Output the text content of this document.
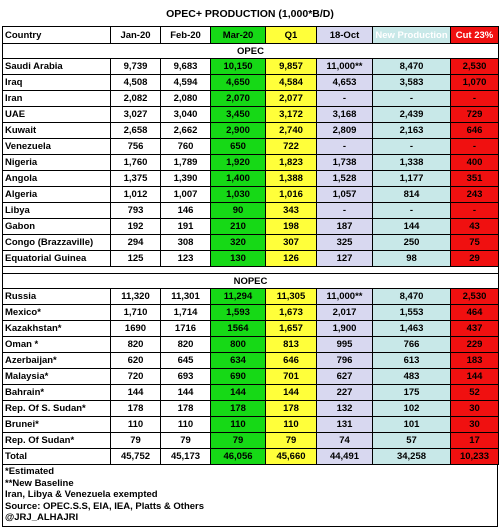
OPEC+ PRODUCTION (1,000*B/D)
Country	Jan-20	Feb-20	Mar-20	Q1	18-Oct	New Production	Cut 23%
OPEC							
Saudi Arabia	9,739	9,683	10,150	9,857	11,000**	8,470	2,530
Iraq	4,508	4,594	4,650	4,584	4,653	3,583	1,070
Iran	2,082	2,080	2,070	2,077	-	-	-
UAE	3,027	3,040	3,450	3,172	3,168	2,439	729
Kuwait	2,658	2,662	2,900	2,740	2,809	2,163	646
Venezuela	756	760	650	722	-	-	-
Nigeria	1,760	1,789	1,920	1,823	1,738	1,338	400
Angola	1,375	1,390	1,400	1,388	1,528	1,177	351
Algeria	1,012	1,007	1,030	1,016	1,057	814	243
Libya	793	146	90	343	-	-	-
Gabon	192	191	210	198	187	144	43
Congo (Brazzaville)	294	308	320	307	325	250	75
Equatorial Guinea	125	123	130	126	127	98	29

NOPEC							
Russia	11,320	11,301	11,294	11,305	11,000**	8,470	2,530
Mexico*	1,710	1,714	1,593	1,673	2,017	1,553	464
Kazakhstan*	1690	1716	1564	1,657	1,900	1,463	437
Oman *	820	820	800	813	995	766	229
Azerbaijan*	620	645	634	646	796	613	183
Malaysia*	720	693	690	701	627	483	144
Bahrain*	144	144	144	144	227	175	52
Rep. Of S. Sudan*	178	178	178	178	132	102	30
Brunei*	110	110	110	110	131	101	30
Rep. Of Sudan*	79	79	79	79	74	57	17
Total	45,752	45,173	46,056	45,660	44,491	34,258	10,233
*Estimated
**New Baseline
Iran, Libya & Venezuela exempted
Source: OPEC.S.S, EIA, IEA, Platts & Others
@JRJ_ALHAJRI
